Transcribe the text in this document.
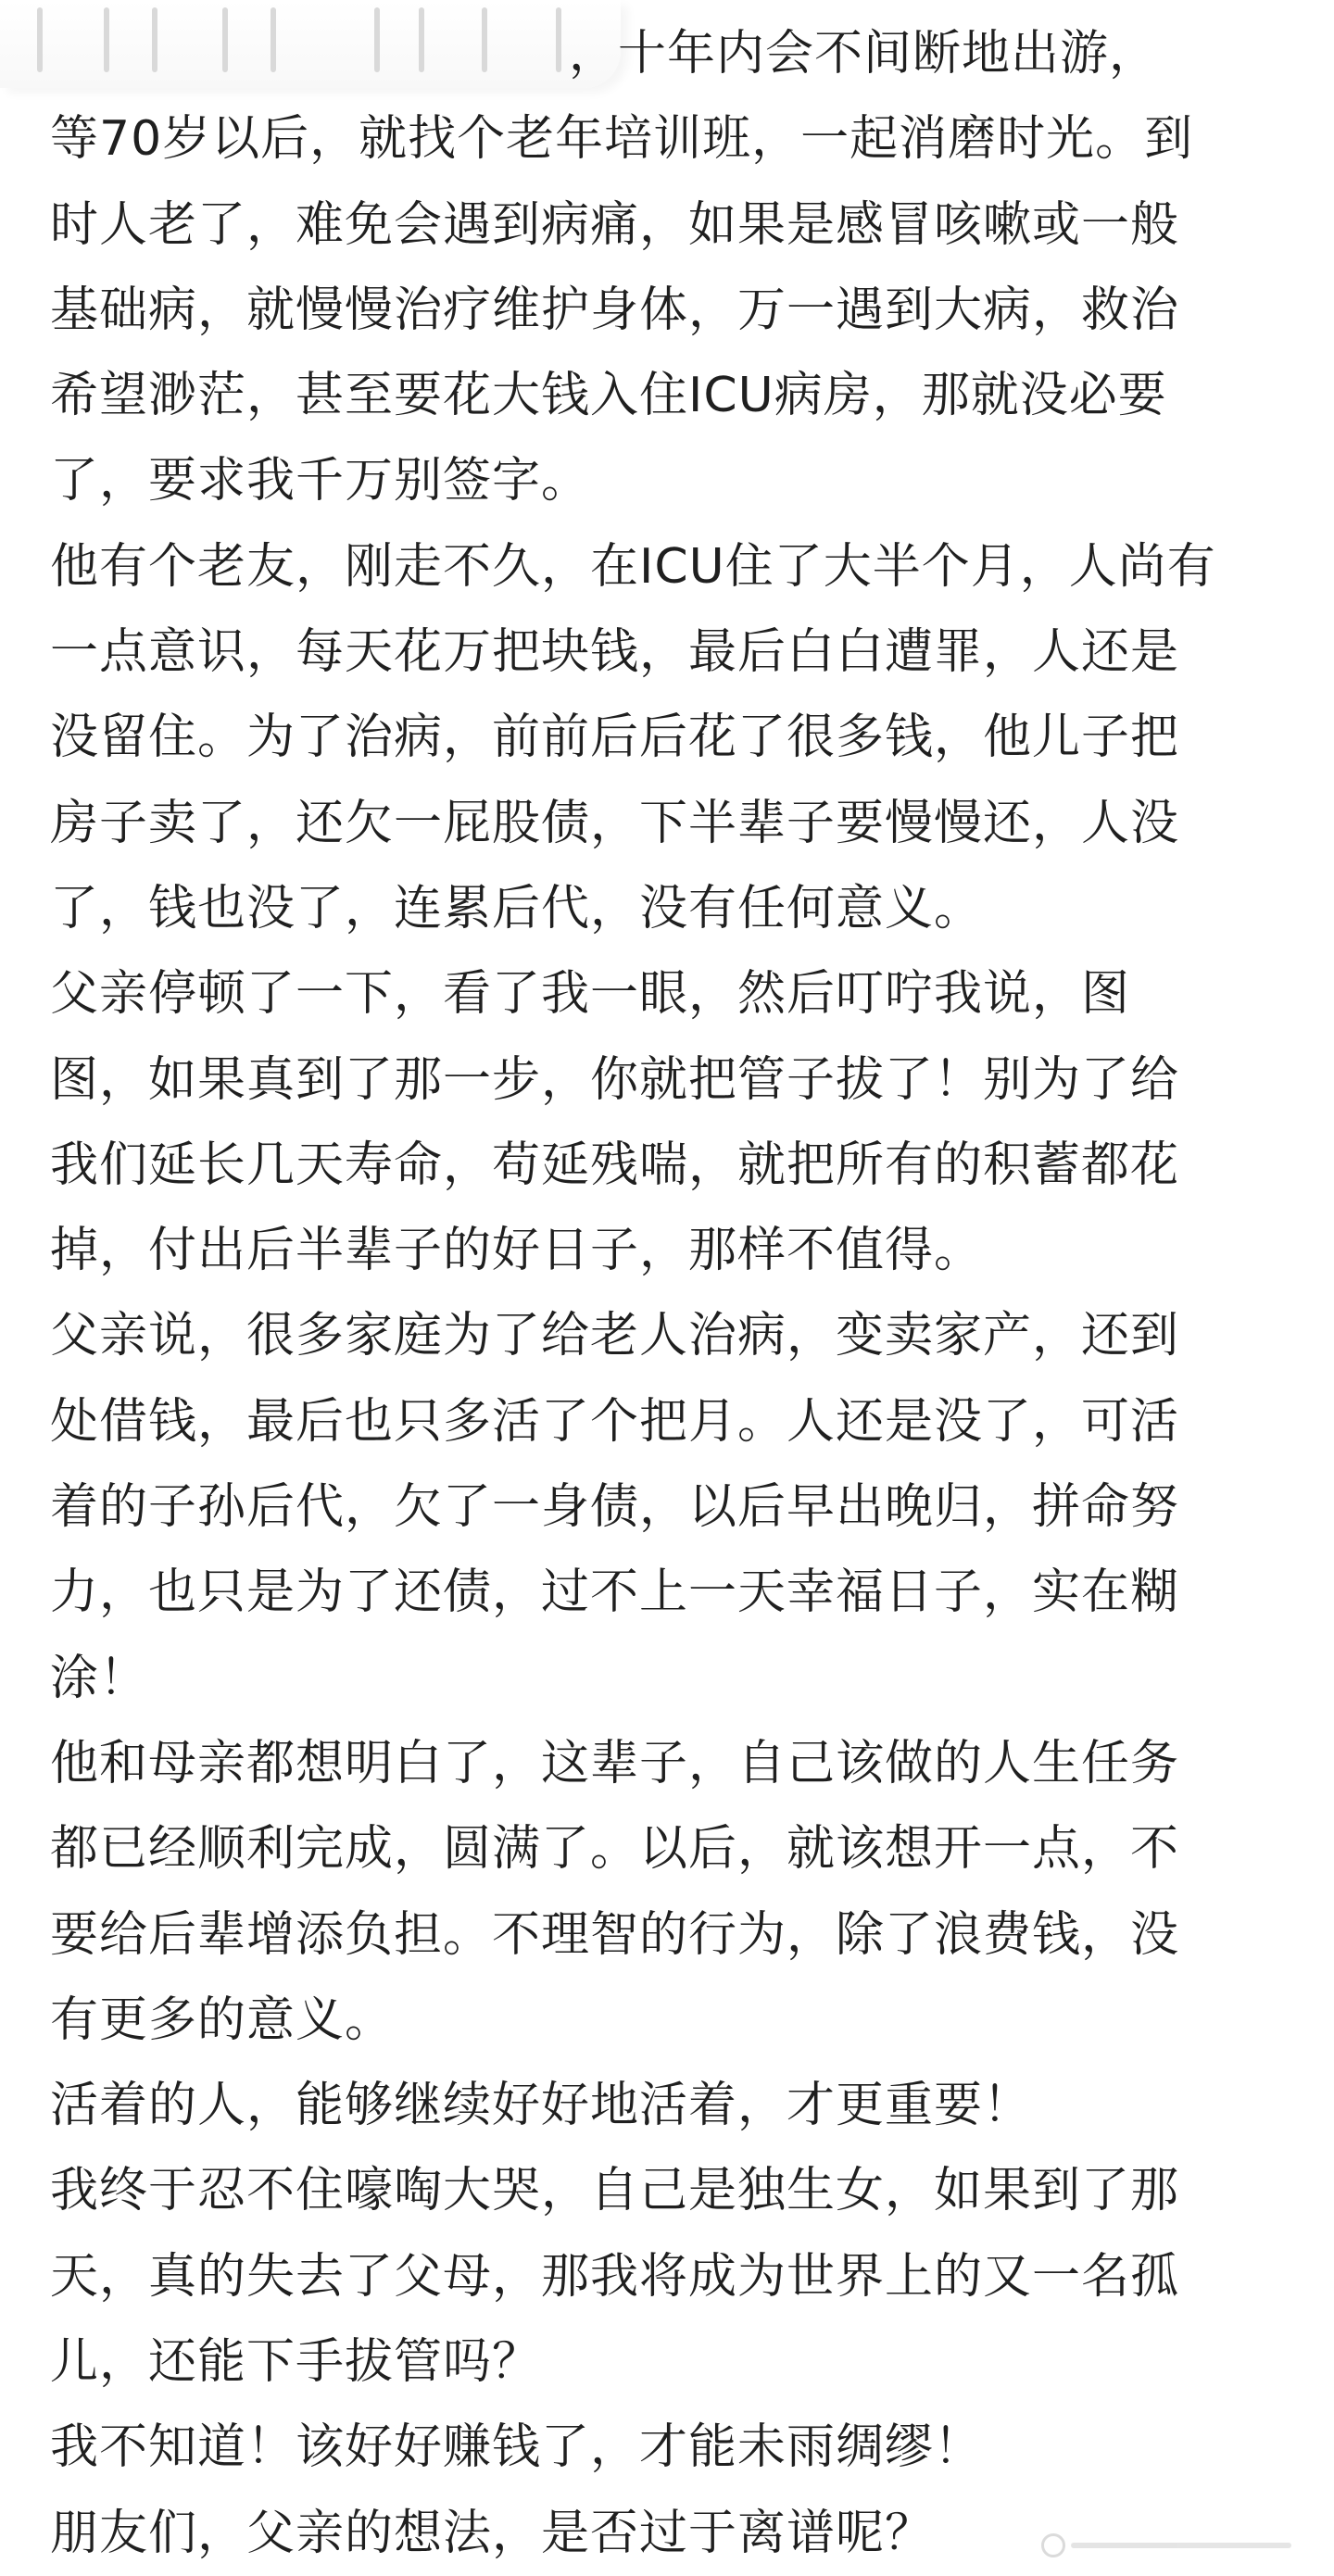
，十年内会不间断地出游，
等70岁以后，就找个老年培训班，一起消磨时光。到
时人老了，难免会遇到病痛，如果是感冒咳嗽或一般
基础病，就慢慢治疗维护身体，万一遇到大病，救治
希望渺茫，甚至要花大钱入住ICU病房，那就没必要
了，要求我千万别签字。
他有个老友，刚走不久，在ICU住了大半个月，人尚有
一点意识，每天花万把块钱，最后白白遭罪，人还是
没留住。为了治病，前前后后花了很多钱，他儿子把
房子卖了，还欠一屁股债，下半辈子要慢慢还，人没
了，钱也没了，连累后代，没有任何意义。
父亲停顿了一下，看了我一眼，然后叮咛我说，图
图，如果真到了那一步，你就把管子拔了！别为了给
我们延长几天寿命，苟延残喘，就把所有的积蓄都花
掉，付出后半辈子的好日子，那样不值得。
父亲说，很多家庭为了给老人治病，变卖家产，还到
处借钱，最后也只多活了个把月。人还是没了，可活
着的子孙后代，欠了一身债，以后早出晚归，拼命努
力，也只是为了还债，过不上一天幸福日子，实在糊
涂！
他和母亲都想明白了，这辈子，自己该做的人生任务
都已经顺利完成，圆满了。以后，就该想开一点，不
要给后辈增添负担。不理智的行为，除了浪费钱，没
有更多的意义。
活着的人，能够继续好好地活着，才更重要！
我终于忍不住嚎啕大哭，自己是独生女，如果到了那
天，真的失去了父母，那我将成为世界上的又一名孤
儿，还能下手拔管吗？
我不知道！该好好赚钱了，才能未雨绸缪！
朋友们，父亲的想法，是否过于离谱呢？
